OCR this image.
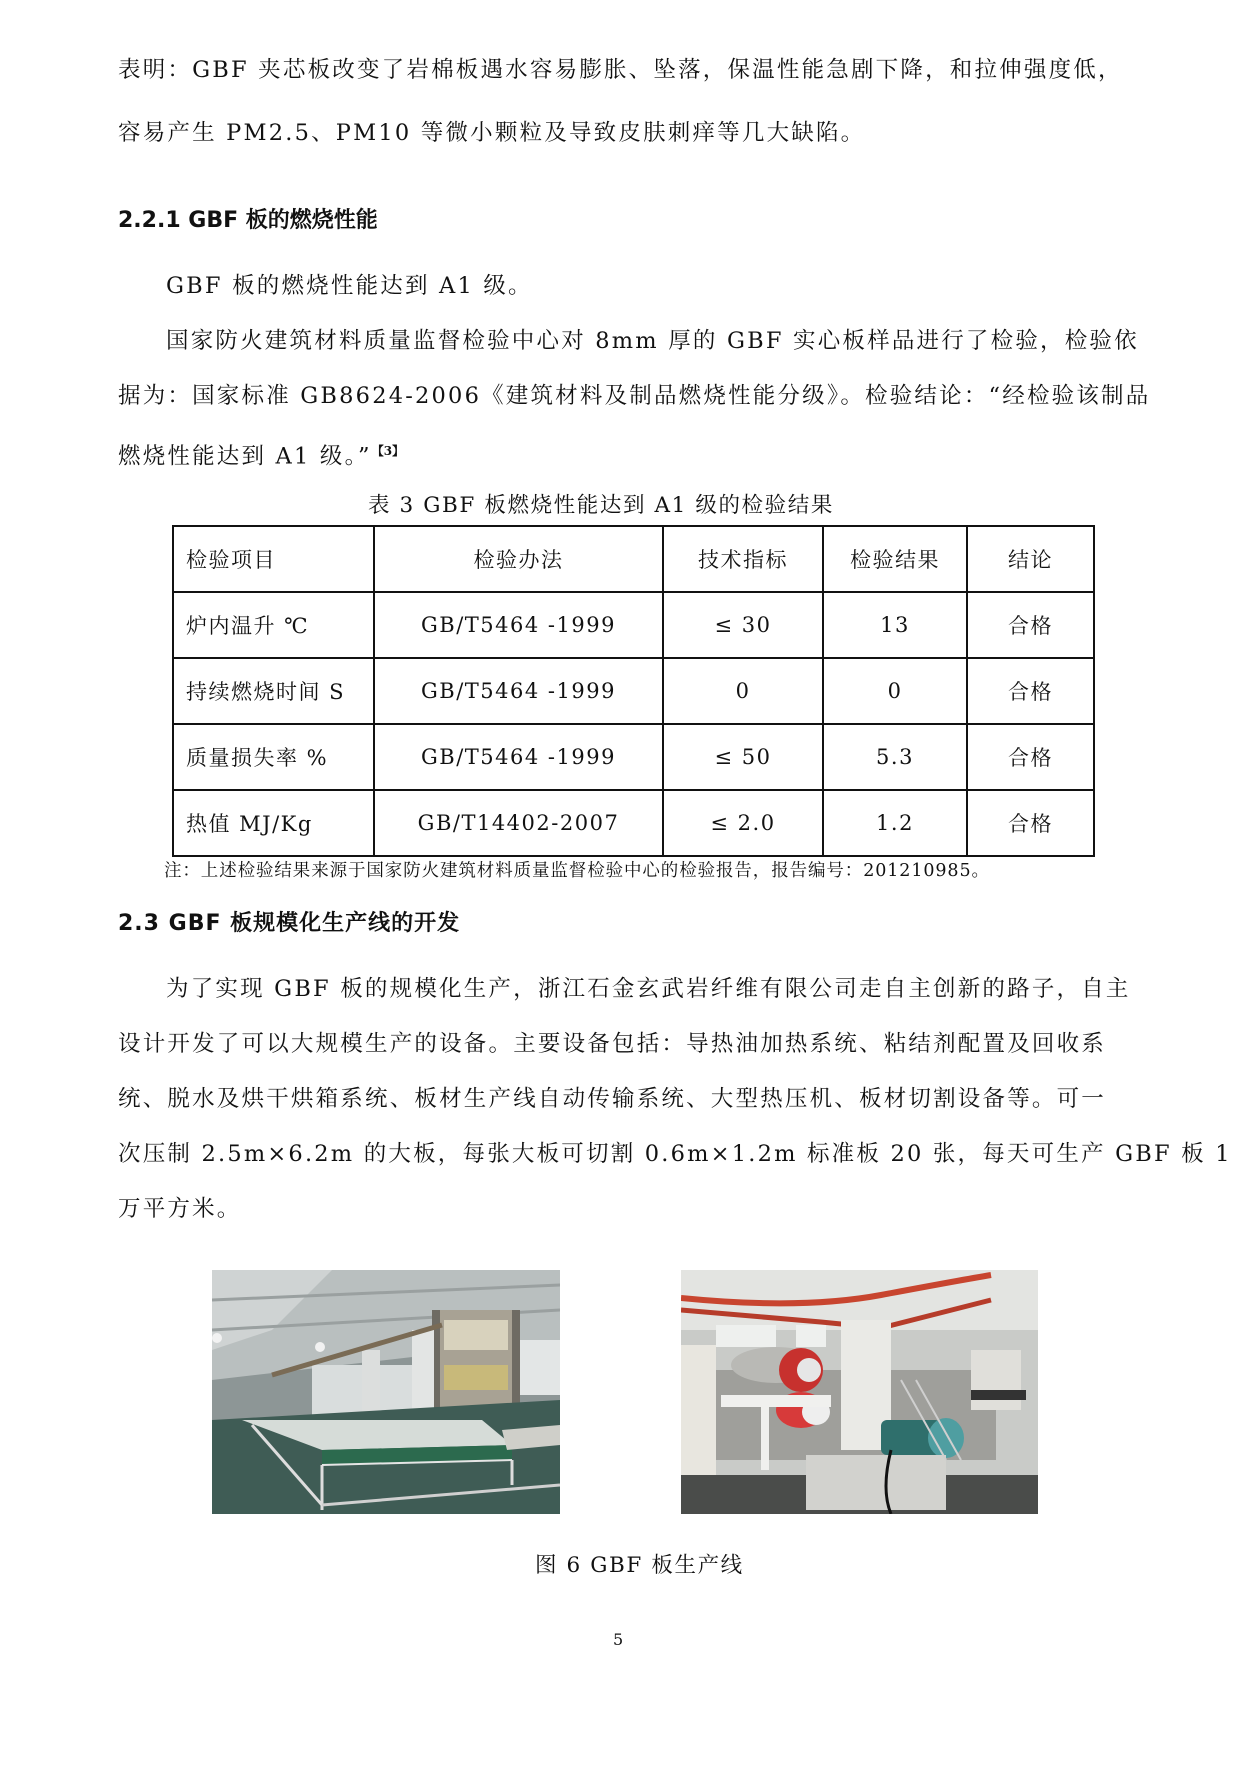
表明：GBF 夹芯板改变了岩棉板遇水容易膨胀、坠落，保温性能急剧下降，和拉伸强度低，
容易产生 PM2.5、PM10 等微小颗粒及导致皮肤刺痒等几大缺陷。
2.2.1 GBF 板的燃烧性能
GBF 板的燃烧性能达到 A1 级。
国家防火建筑材料质量监督检验中心对 8mm 厚的 GBF 实心板样品进行了检验，检验依
据为：国家标准 GB8624-2006《建筑材料及制品燃烧性能分级》。检验结论：“经检验该制品
燃烧性能达到 A1 级。”$^{【3】}$
表 3 GBF 板燃烧性能达到 A1 级的检验结果
检验项目	检验办法	技术指标	检验结果	结论
炉内温升 ℃	GB/T5464 -1999	≤ 30	13	合格
持续燃烧时间 S	GB/T5464 -1999	0	0	合格
质量损失率 %	GB/T5464 -1999	≤ 50	5.3	合格
热值 MJ/Kg	GB/T14402-2007	≤ 2.0	1.2	合格
注：上述检验结果来源于国家防火建筑材料质量监督检验中心的检验报告，报告编号：201210985。
2.3 GBF 板规模化生产线的开发
为了实现 GBF 板的规模化生产，浙江石金玄武岩纤维有限公司走自主创新的路子，自主
设计开发了可以大规模生产的设备。主要设备包括：导热油加热系统、粘结剂配置及回收系
统、脱水及烘干烘箱系统、板材生产线自动传输系统、大型热压机、板材切割设备等。可一
次压制 2.5m×6.2m 的大板，每张大板可切割 0.6m×1.2m 标准板 20 张，每天可生产 GBF 板 1
万平方米。
图 6 GBF 板生产线
5
